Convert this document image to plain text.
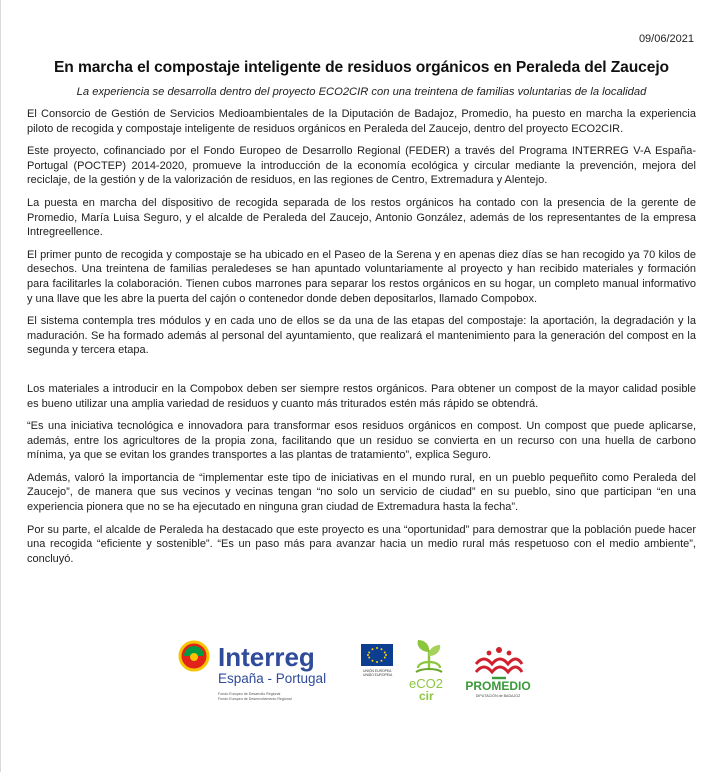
09/06/2021
En marcha el compostaje inteligente de residuos orgánicos en Peraleda del Zaucejo

La experiencia se desarrolla dentro del proyecto ECO2CIR con una treintena de familias voluntarias de la localidad

El Consorcio de Gestión de Servicios Medioambientales de la Diputación de Badajoz, Promedio, ha puesto en marcha la experiencia piloto de recogida y compostaje inteligente de residuos orgánicos en Peraleda del Zaucejo, dentro del proyecto ECO2CIR.

Este proyecto, cofinanciado por el Fondo Europeo de Desarrollo Regional (FEDER) a través del Programa INTERREG V-A España-Portugal (POCTEP) 2014-2020, promueve la introducción de la economía ecológica y circular mediante la prevención, mejora del reciclaje, de la gestión y de la valorización de residuos, en las regiones de Centro, Extremadura y Alentejo.

La puesta en marcha del dispositivo de recogida separada de los restos orgánicos ha contado con la presencia de la gerente de Promedio, María Luisa Seguro, y el alcalde de Peraleda del Zaucejo, Antonio González, además de los representantes de la empresa Intregreellence.

El primer punto de recogida y compostaje se ha ubicado en el Paseo de la Serena y en apenas diez días se han recogido ya 70 kilos de desechos. Una treintena de familias peraledeses se han apuntado voluntariamente al proyecto y han recibido materiales y formación para facilitarles la colaboración. Tienen cubos marrones para separar los restos orgánicos en su hogar, un completo manual informativo y una llave que les abre la puerta del cajón o contenedor donde deben depositarlos, llamado Compobox.

El sistema contempla tres módulos y en cada uno de ellos se da una de las etapas del compostaje: la aportación, la degradación y la maduración. Se ha formado además al personal del ayuntamiento, que realizará el mantenimiento para la generación del compost en la segunda y tercera etapa.

Los materiales a introducir en la Compobox deben ser siempre restos orgánicos. Para obtener un compost de la mayor calidad posible es bueno utilizar una amplia variedad de residuos y cuanto más triturados estén más rápido se obtendrá.

“Es una iniciativa tecnológica e innovadora para transformar esos residuos orgánicos en compost. Un compost que puede aplicarse, además, entre los agricultores de la propia zona, facilitando que un residuo se convierta en un recurso con una huella de carbono mínima, ya que se evitan los grandes transportes a las plantas de tratamiento”, explica Seguro.

Además, valoró la importancia de “implementar este tipo de iniciativas en el mundo rural, en un pueblo pequeñito como Peraleda del Zaucejo”, de manera que sus vecinos y vecinas tengan “no solo un servicio de ciudad” en su pueblo, sino que participan “en una experiencia pionera que no se ha ejecutado en ninguna gran ciudad de Extremadura hasta la fecha”.

Por su parte, el alcalde de Peraleda ha destacado que este proyecto es una “oportunidad” para demostrar que la población puede hacer una recogida “eficiente y sostenible”. “Es un paso más para avanzar hacia un medio rural más respetuoso con el medio ambiente”, concluyó.

Interreg
España - Portugal
Fondo Europeo de Desarrollo Regional
Fundo Europeu de Desenvolvimento Regional
UNIÓN EUROPEA
UNIÃO EUROPEIA
eCO2
cir
PROMEDIO
DIPUTACIÓN de BADAJOZ
